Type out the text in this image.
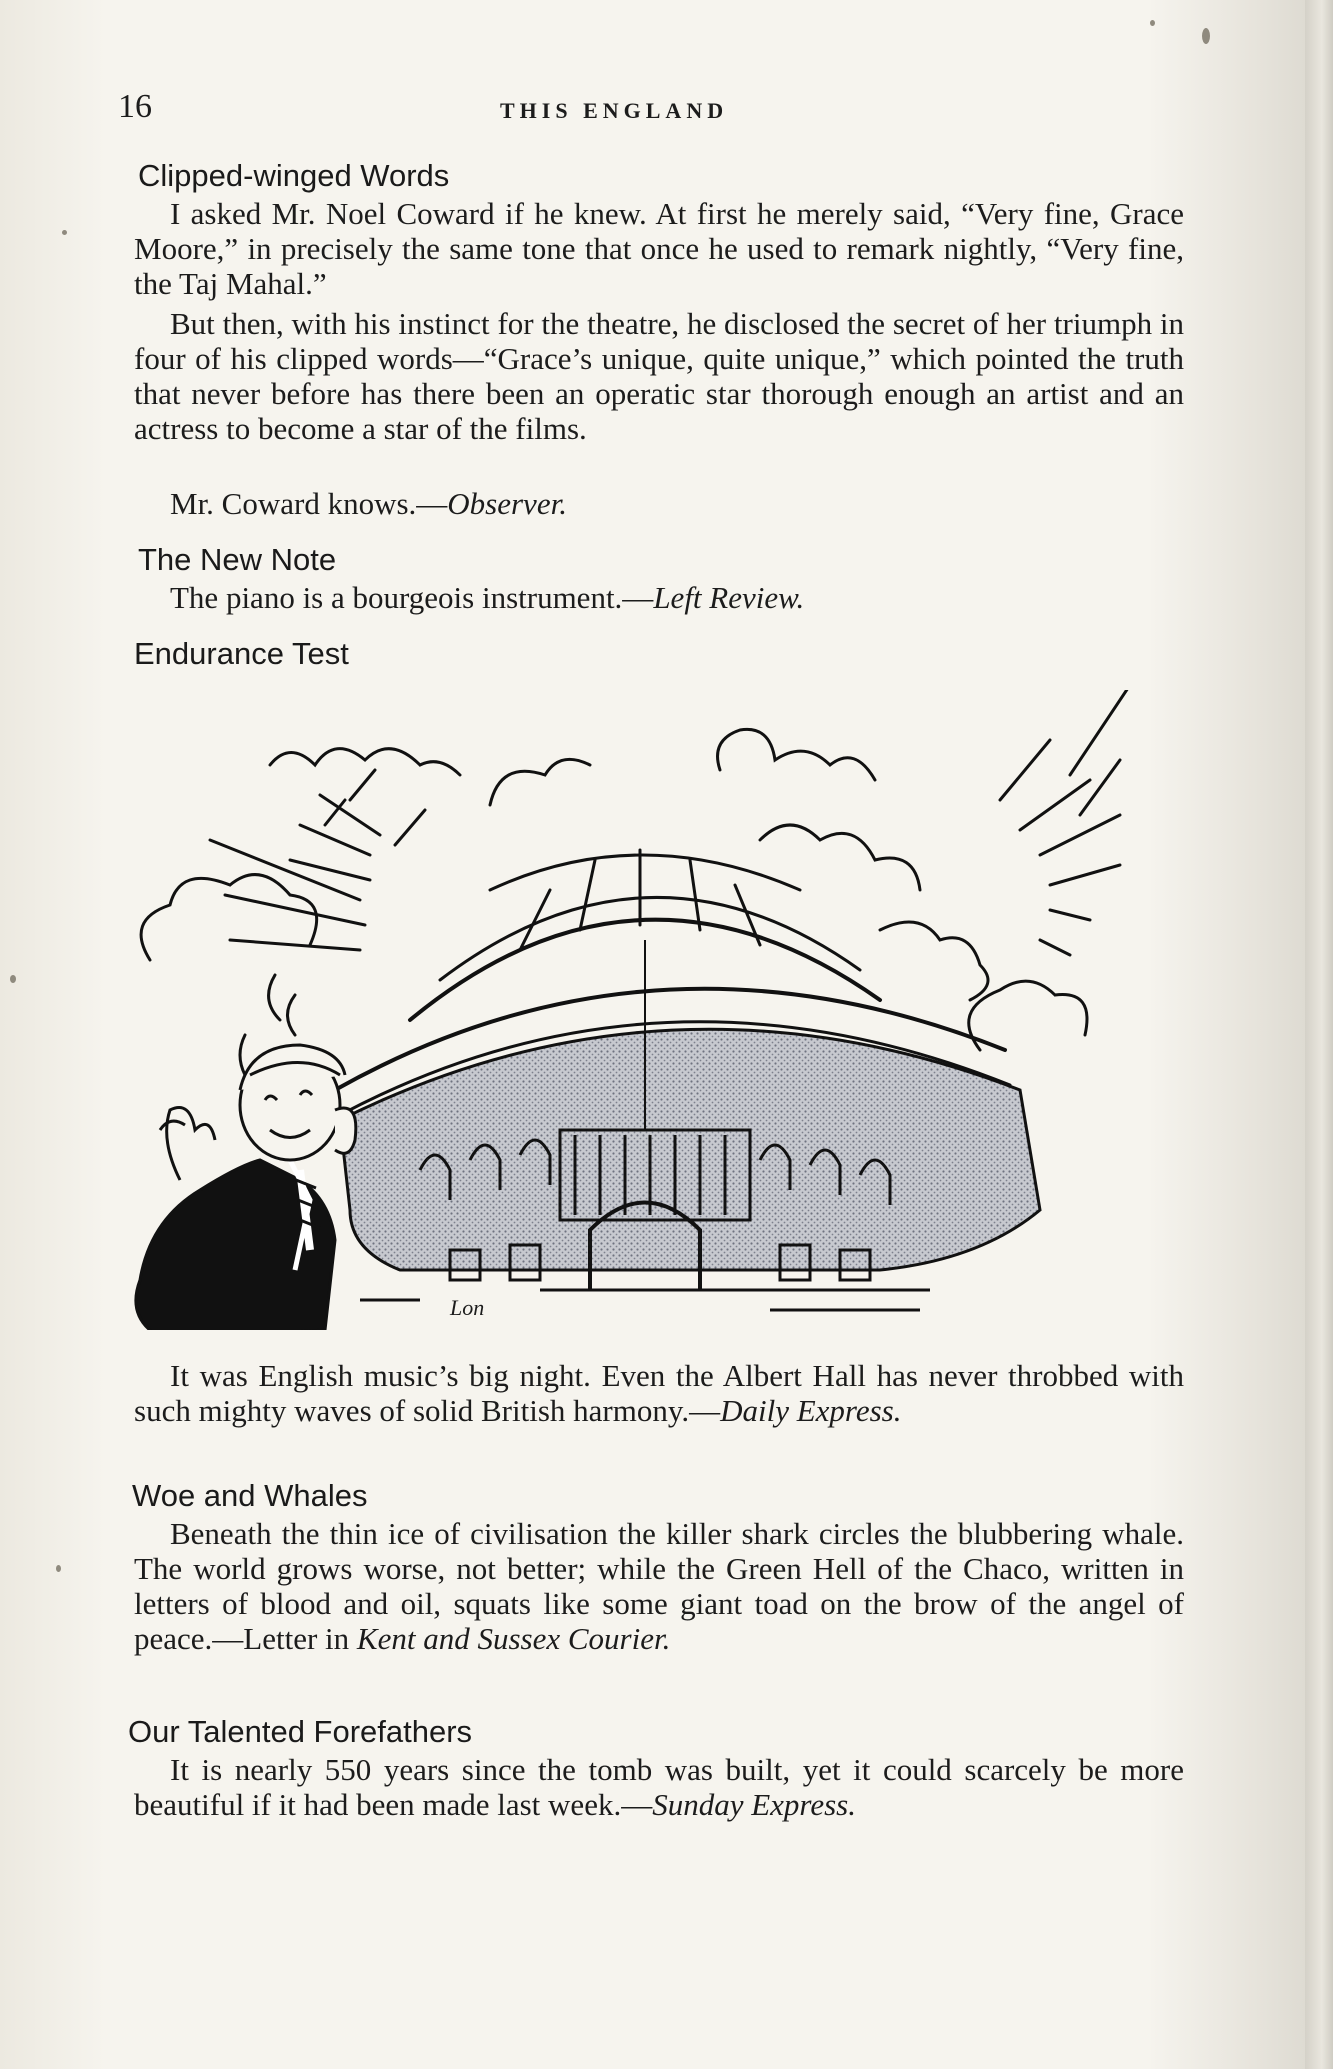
16	THIS ENGLAND
Clipped-winged Words

I asked Mr. Noel Coward if he knew. At first he merely said, “Very fine, Grace Moore,” in precisely the same tone that once he used to remark nightly, “Very fine, the Taj Mahal.”

But then, with his instinct for the theatre, he disclosed the secret of her triumph in four of his clipped words—“Grace’s unique, quite unique,” which pointed the truth that never before has there been an operatic star thorough enough an artist and an actress to become a star of the films.

Mr. Coward knows.—Observer.

The New Note

The piano is a bourgeois instrument.—Left Review.

Endurance Test
Lon

It was English music’s big night. Even the Albert Hall has never throbbed with such mighty waves of solid British harmony.—Daily Express.

Woe and Whales

Beneath the thin ice of civilisation the killer shark circles the blubbering whale. The world grows worse, not better; while the Green Hell of the Chaco, written in letters of blood and oil, squats like some giant toad on the brow of the angel of peace.—Letter in Kent and Sussex Courier.

Our Talented Forefathers

It is nearly 550 years since the tomb was built, yet it could scarcely be more beautiful if it had been made last week.—Sunday Express.
